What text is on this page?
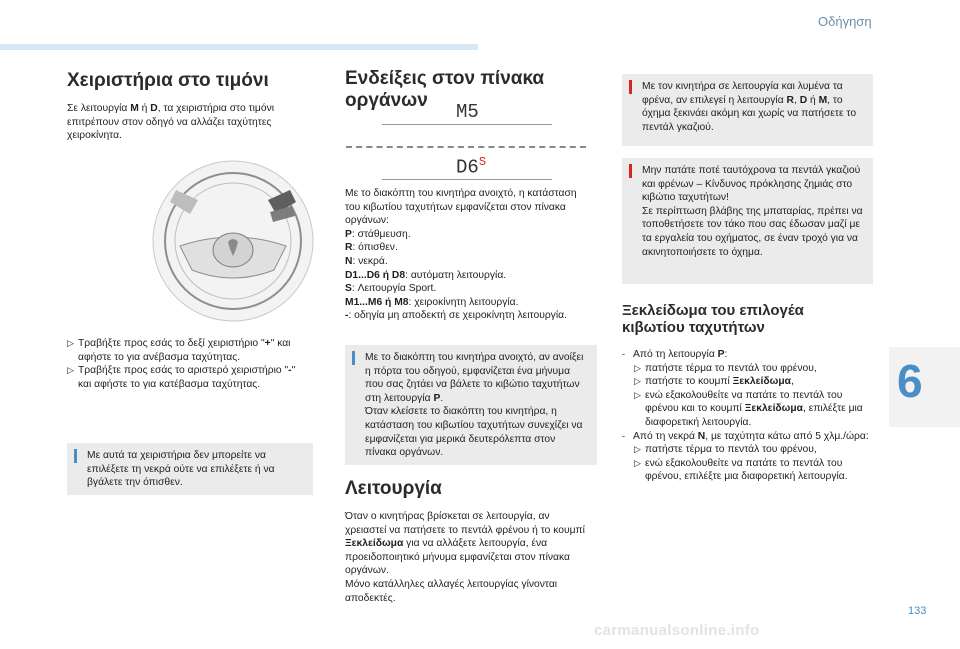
Οδήγηση
6
133
carmanualsonline.info
Χειριστήρια στο τιμόνι

Σε λειτουργία M ή D, τα χειριστήρια στο τιμόνι επιτρέπουν στον οδηγό να αλλάζει ταχύτητες χειροκίνητα.

▷ Τραβήξτε προς εσάς το δεξί χειριστήριο "+" και αφήστε το για ανέβασμα ταχύτητας.
▷ Τραβήξτε προς εσάς το αριστερό χειριστήριο "-" και αφήστε το για κατέβασμα ταχύτητας.
Με αυτά τα χειριστήρια δεν μπορείτε να επιλέξετε τη νεκρά ούτε να επιλέξετε ή να βγάλετε την όπισθεν.
Ενδείξεις στον πίνακα
οργάνων
M5
$D6^S$

Με το διακόπτη του κινητήρα ανοιχτό, η κατάσταση του κιβωτίου ταχυτήτων εμφανίζεται στον πίνακα οργάνων:

P: στάθμευση.

R: όπισθεν.

N: νεκρά.

D1...D6 ή D8: αυτόματη λειτουργία.

S: Λειτουργία Sport.

M1...M6 ή M8: χειροκίνητη λειτουργία.

-: οδηγία μη αποδεκτή σε χειροκίνητη λειτουργία.

Με το διακόπτη του κινητήρα ανοιχτό, αν ανοίξει η πόρτα του οδηγού, εμφανίζεται ένα μήνυμα που σας ζητάει να βάλετε το κιβώτιο ταχυτήτων στη λειτουργία P.

Όταν κλείσετε το διακόπτη του κινητήρα, η κατάσταση του κιβωτίου ταχυτήτων συνεχίζει να εμφανίζεται για μερικά δευτερόλεπτα στον πίνακα οργάνων.

Λειτουργία

Όταν ο κινητήρας βρίσκεται σε λειτουργία, αν χρειαστεί να πατήσετε το πεντάλ φρένου ή το κουμπί Ξεκλείδωμα για να αλλάξετε λειτουργία, ένα προειδοποιητικό μήνυμα εμφανίζεται στον πίνακα οργάνων.

Μόνο κατάλληλες αλλαγές λειτουργίας γίνονται αποδεκτές.

Με τον κινητήρα σε λειτουργία και λυμένα τα φρένα, αν επιλεγεί η λειτουργία R, D ή M, το όχημα ξεκινάει ακόμη και χωρίς να πατήσετε το πεντάλ γκαζιού.

Μην πατάτε ποτέ ταυτόχρονα τα πεντάλ γκαζιού και φρένων – Κίνδυνος πρόκλησης ζημιάς στο κιβώτιο ταχυτήτων!

Σε περίπτωση βλάβης της μπαταρίας, πρέπει να τοποθετήσετε τον τάκο που σας έδωσαν μαζί με τα εργαλεία του οχήματος, σε έναν τροχό για να ακινητοποιήσετε το όχημα.

Ξεκλείδωμα του επιλογέα
κιβωτίου ταχυτήτων
- Από τη λειτουργία P:
▷ πατήστε τέρμα το πεντάλ του φρένου,
▷ πατήστε το κουμπί Ξεκλείδωμα,
▷ ενώ εξακολουθείτε να πατάτε το πεντάλ του φρένου και το κουμπί Ξεκλείδωμα, επιλέξτε μια διαφορετική λειτουργία.
- Από τη νεκρά N, με ταχύτητα κάτω από 5 χλμ./ώρα:
▷ πατήστε τέρμα το πεντάλ του φρένου,
▷ ενώ εξακολουθείτε να πατάτε το πεντάλ του φρένου, επιλέξτε μια διαφορετική λειτουργία.
